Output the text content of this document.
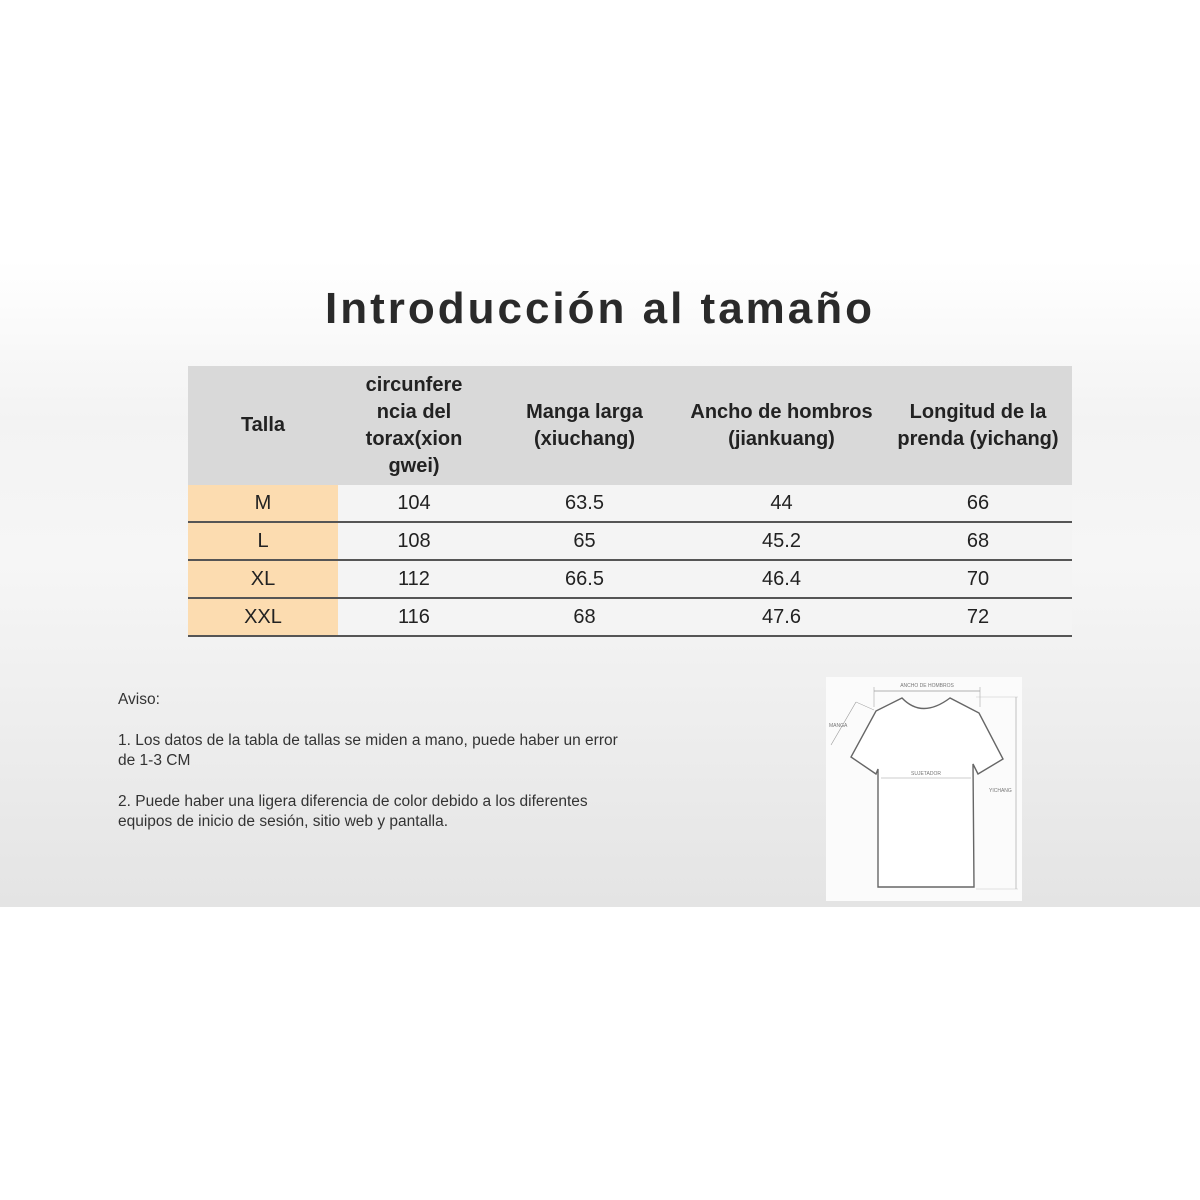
Introducción al tamaño
Talla	circunfere ncia del torax(xion gwei)	Manga larga (xiuchang)	Ancho de hombros (jiankuang)	Longitud de la prenda (yichang)
M	104	63.5	44	66
L	108	65	45.2	68
XL	112	66.5	46.4	70
XXL	116	68	47.6	72

Aviso:

1. Los datos de la tabla de tallas se miden a mano, puede haber un error de 1-3 CM

2. Puede haber una ligera diferencia de color debido a los diferentes equipos de inicio de sesión, sitio web y pantalla.

ANCHO DE HOMBROS
MANGA
SUJETADOR
YICHANG
